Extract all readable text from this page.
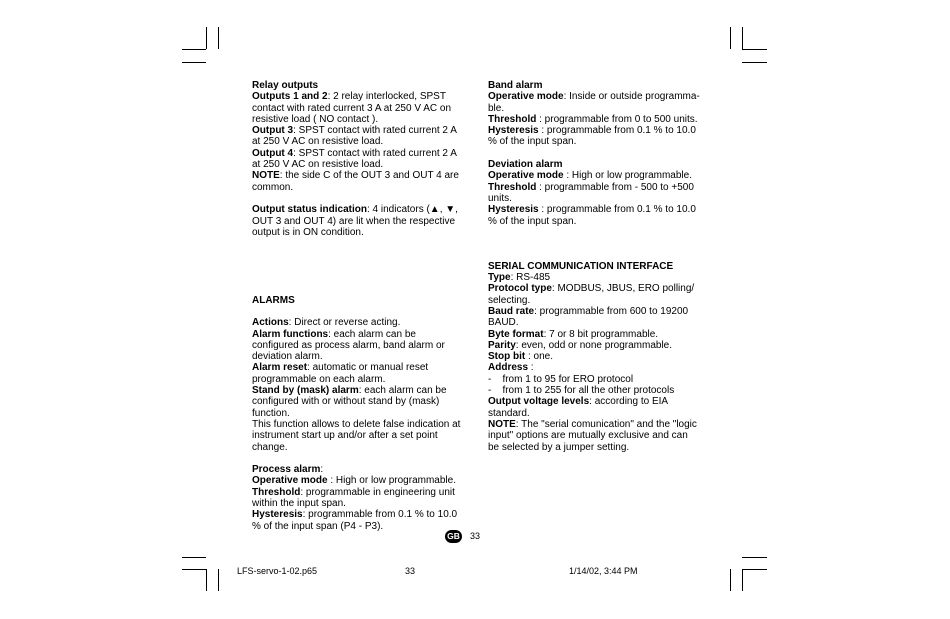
Relay outputs

Outputs 1 and 2: 2 relay interlocked, SPST contact with rated current 3 A at 250 V AC on resistive load ( NO contact ).

Output 3: SPST contact with rated current 2 A at 250 V AC on resistive load.

Output 4: SPST contact with rated current 2 A at 250 V AC on resistive load.

NOTE: the side C of the OUT 3 and OUT 4 are common.

Output status indication: 4 indicators (▲, ▼, OUT 3 and OUT 4) are lit when the respective output is in ON condition.

ALARMS

Actions: Direct or reverse acting.

Alarm functions: each alarm can be configured as process alarm, band alarm or deviation alarm.

Alarm reset: automatic or manual reset programmable on each alarm.

Stand by (mask) alarm: each alarm can be configured with or without stand by (mask) function.

This function allows to delete false indication at instrument start up and/or after a set point change.

Process alarm:

Operative mode : High or low programmable.

Threshold: programmable in engineering unit within the input span.

Hysteresis: programmable from 0.1 % to 10.0 % of the input span (P4 - P3).

Band alarm

Operative mode: Inside or outside programma- ble.

Threshold : programmable from 0 to 500 units.

Hysteresis : programmable from 0.1 % to 10.0 % of the input span.

Deviation alarm

Operative mode : High or low programmable.

Threshold : programmable from - 500 to +500 units.

Hysteresis : programmable from 0.1 % to 10.0 % of the input span.

SERIAL COMMUNICATION INTERFACE

Type: RS-485

Protocol type: MODBUS, JBUS, ERO polling/ selecting.

Baud rate: programmable from 600 to 19200 BAUD.

Byte format: 7 or 8 bit programmable.

Parity: even, odd or none programmable.

Stop bit : one.

Address :

-    from 1 to 95 for ERO protocol

-    from 1 to 255 for all the other protocols

Output voltage levels: according to EIA standard.

NOTE: The "serial comunication" and the "logic input" options are mutually exclusive and can be selected by a jumper setting.

GB 33
LFS-servo-1-02.p65	33	1/14/02, 3:44 PM
